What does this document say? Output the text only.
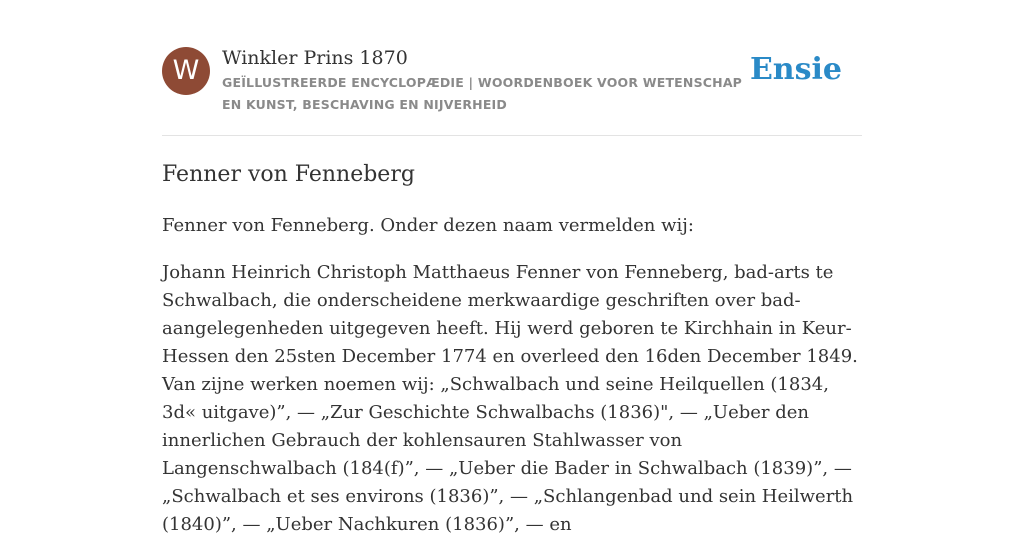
W	Winkler Prins 1870
GEÏLLUSTREERDE ENCYCLOPÆDIE | WOORDENBOEK VOOR WETENSCHAP EN KUNST, BESCHAVING EN NIJVERHEID
Ensie
Fenner von Fenneberg

Fenner von Fenneberg. Onder dezen naam vermelden wij:

Johann Heinrich Christoph Matthaeus Fenner von Fenneberg, bad-arts te Schwalbach, die onderscheidene merkwaardige geschriften over bad-aangelegenheden uitgegeven heeft. Hij werd geboren te Kirchhain in Keur-Hessen den 25sten December 1774 en overleed den 16den December 1849. Van zijne werken noemen wij: „Schwalbach und seine Heilquellen (1834, 3d« uitgave)”, — „Zur Geschichte Schwalbachs (1836)", — „Ueber den innerlichen Gebrauch der kohlensauren Stahlwasser von Langenschwalbach (184(f)”, — „Ueber die Bader in Schwalbach (1839)”, — „Schwalbach et ses environs (1836)”, — „Schlangenbad und sein Heilwerth (1840)”, — „Ueber Nachkuren (1836)”, — en
